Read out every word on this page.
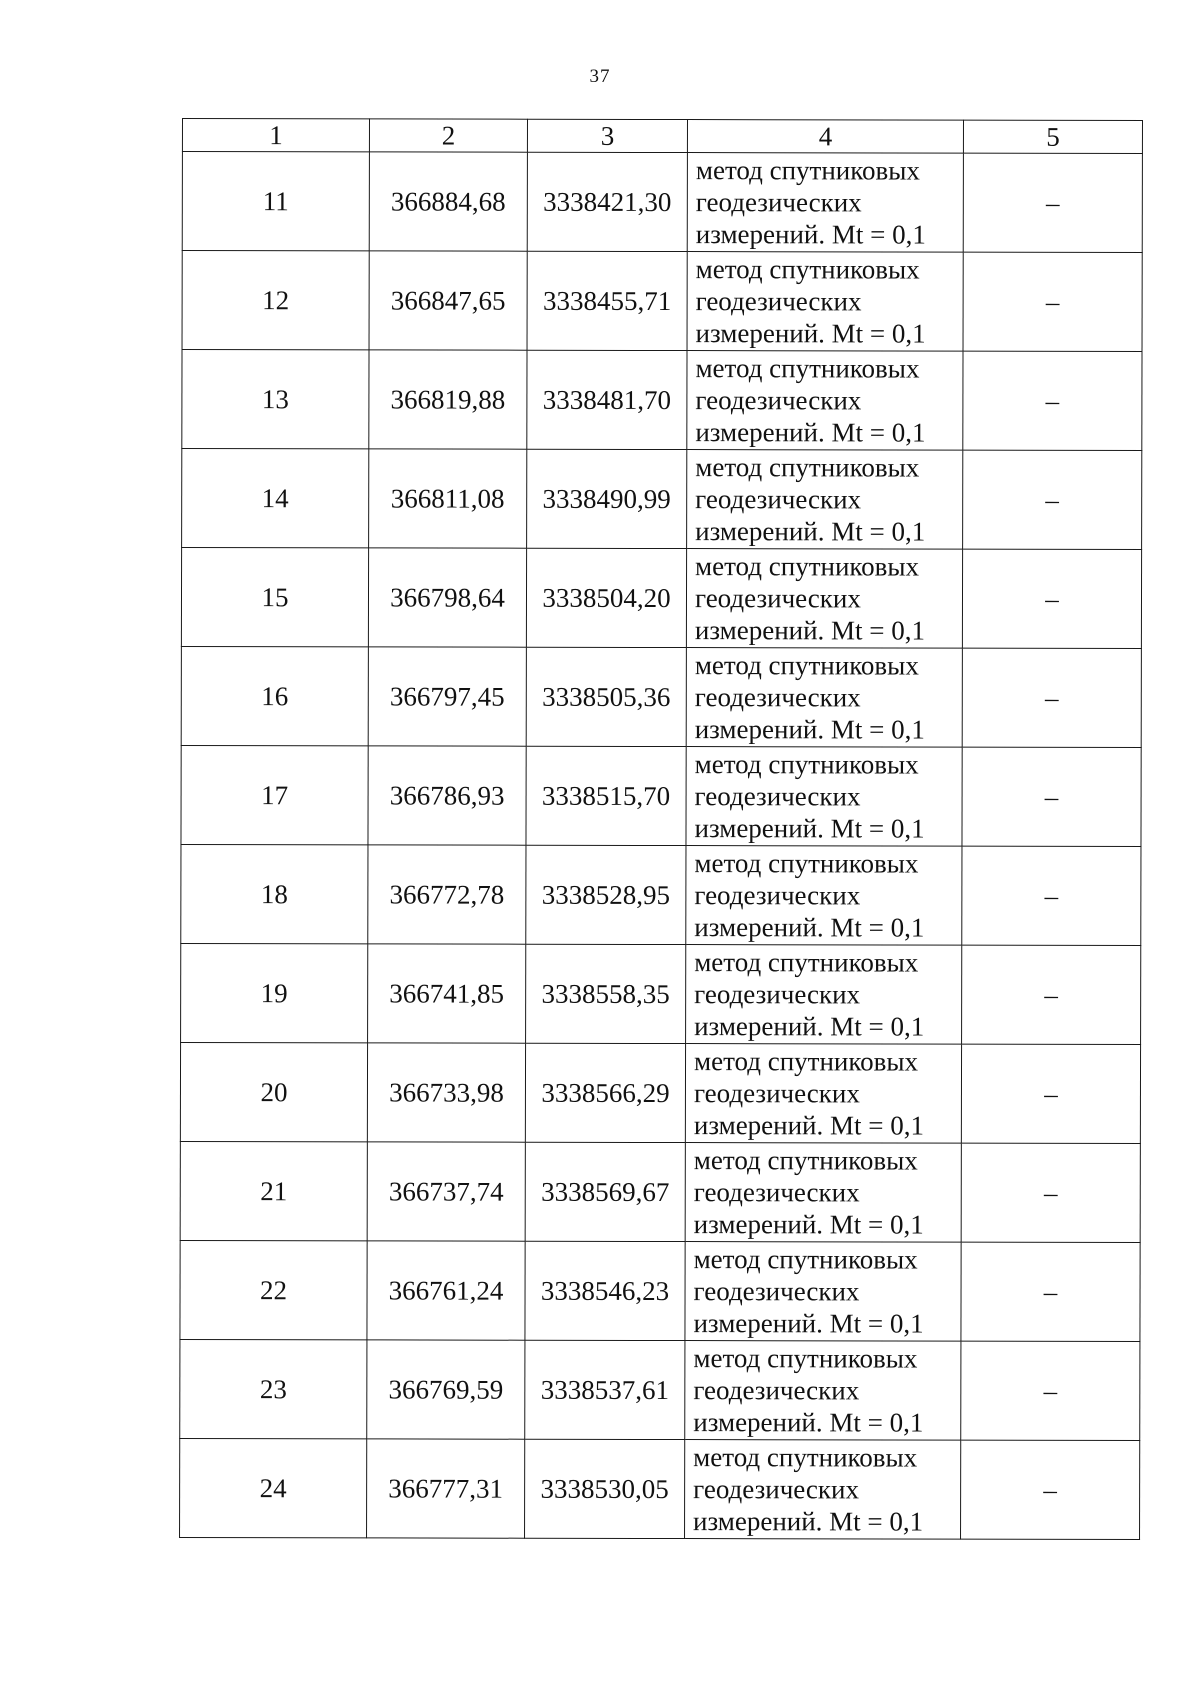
37
1	2	3	4	5
11	366884,68	3338421,30	метод спутниковых
геодезических
измерений. Mt = 0,1	–
12	366847,65	3338455,71	метод спутниковых
геодезических
измерений. Mt = 0,1	–
13	366819,88	3338481,70	метод спутниковых
геодезических
измерений. Mt = 0,1	–
14	366811,08	3338490,99	метод спутниковых
геодезических
измерений. Mt = 0,1	–
15	366798,64	3338504,20	метод спутниковых
геодезических
измерений. Mt = 0,1	–
16	366797,45	3338505,36	метод спутниковых
геодезических
измерений. Mt = 0,1	–
17	366786,93	3338515,70	метод спутниковых
геодезических
измерений. Mt = 0,1	–
18	366772,78	3338528,95	метод спутниковых
геодезических
измерений. Mt = 0,1	–
19	366741,85	3338558,35	метод спутниковых
геодезических
измерений. Mt = 0,1	–
20	366733,98	3338566,29	метод спутниковых
геодезических
измерений. Mt = 0,1	–
21	366737,74	3338569,67	метод спутниковых
геодезических
измерений. Mt = 0,1	–
22	366761,24	3338546,23	метод спутниковых
геодезических
измерений. Mt = 0,1	–
23	366769,59	3338537,61	метод спутниковых
геодезических
измерений. Mt = 0,1	–
24	366777,31	3338530,05	метод спутниковых
геодезических
измерений. Mt = 0,1	–
